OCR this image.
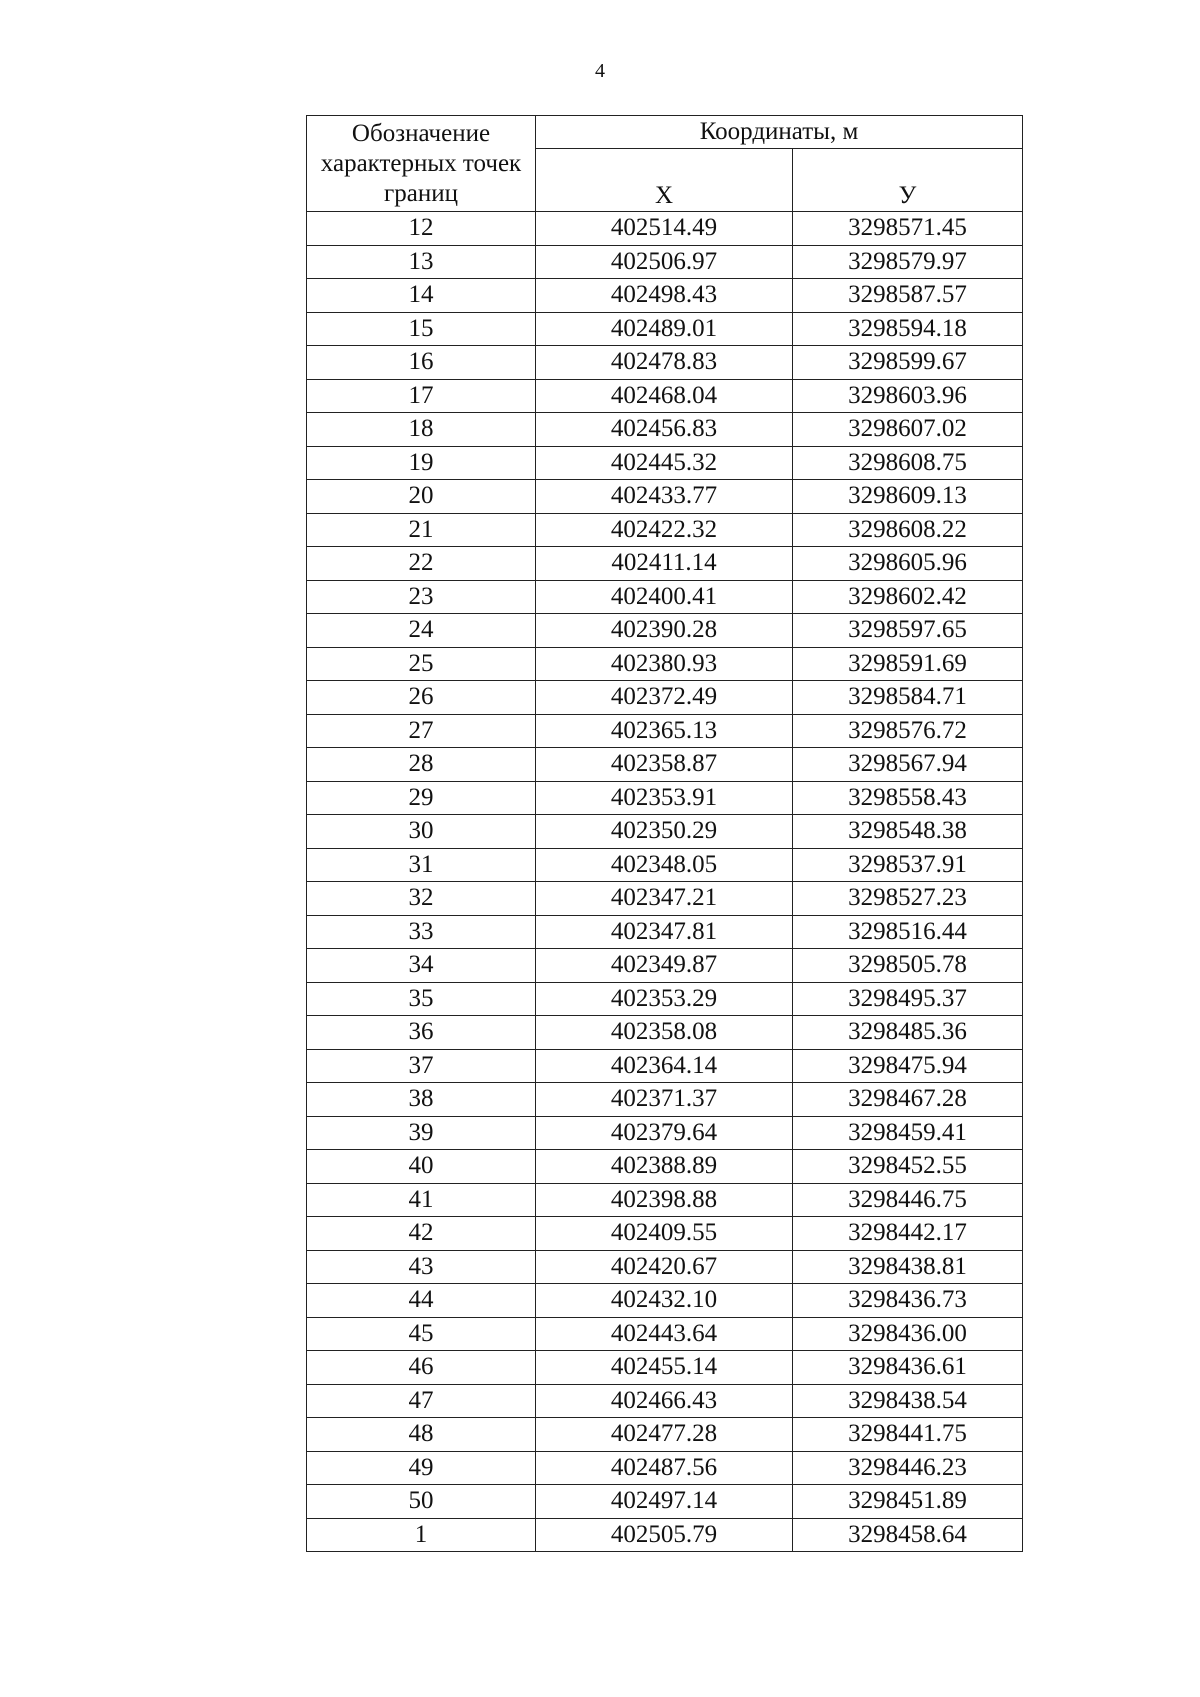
4
Обозначение характерных точек границ	Координаты, м	
	X	У
12	402514.49	3298571.45
13	402506.97	3298579.97
14	402498.43	3298587.57
15	402489.01	3298594.18
16	402478.83	3298599.67
17	402468.04	3298603.96
18	402456.83	3298607.02
19	402445.32	3298608.75
20	402433.77	3298609.13
21	402422.32	3298608.22
22	402411.14	3298605.96
23	402400.41	3298602.42
24	402390.28	3298597.65
25	402380.93	3298591.69
26	402372.49	3298584.71
27	402365.13	3298576.72
28	402358.87	3298567.94
29	402353.91	3298558.43
30	402350.29	3298548.38
31	402348.05	3298537.91
32	402347.21	3298527.23
33	402347.81	3298516.44
34	402349.87	3298505.78
35	402353.29	3298495.37
36	402358.08	3298485.36
37	402364.14	3298475.94
38	402371.37	3298467.28
39	402379.64	3298459.41
40	402388.89	3298452.55
41	402398.88	3298446.75
42	402409.55	3298442.17
43	402420.67	3298438.81
44	402432.10	3298436.73
45	402443.64	3298436.00
46	402455.14	3298436.61
47	402466.43	3298438.54
48	402477.28	3298441.75
49	402487.56	3298446.23
50	402497.14	3298451.89
1	402505.79	3298458.64
